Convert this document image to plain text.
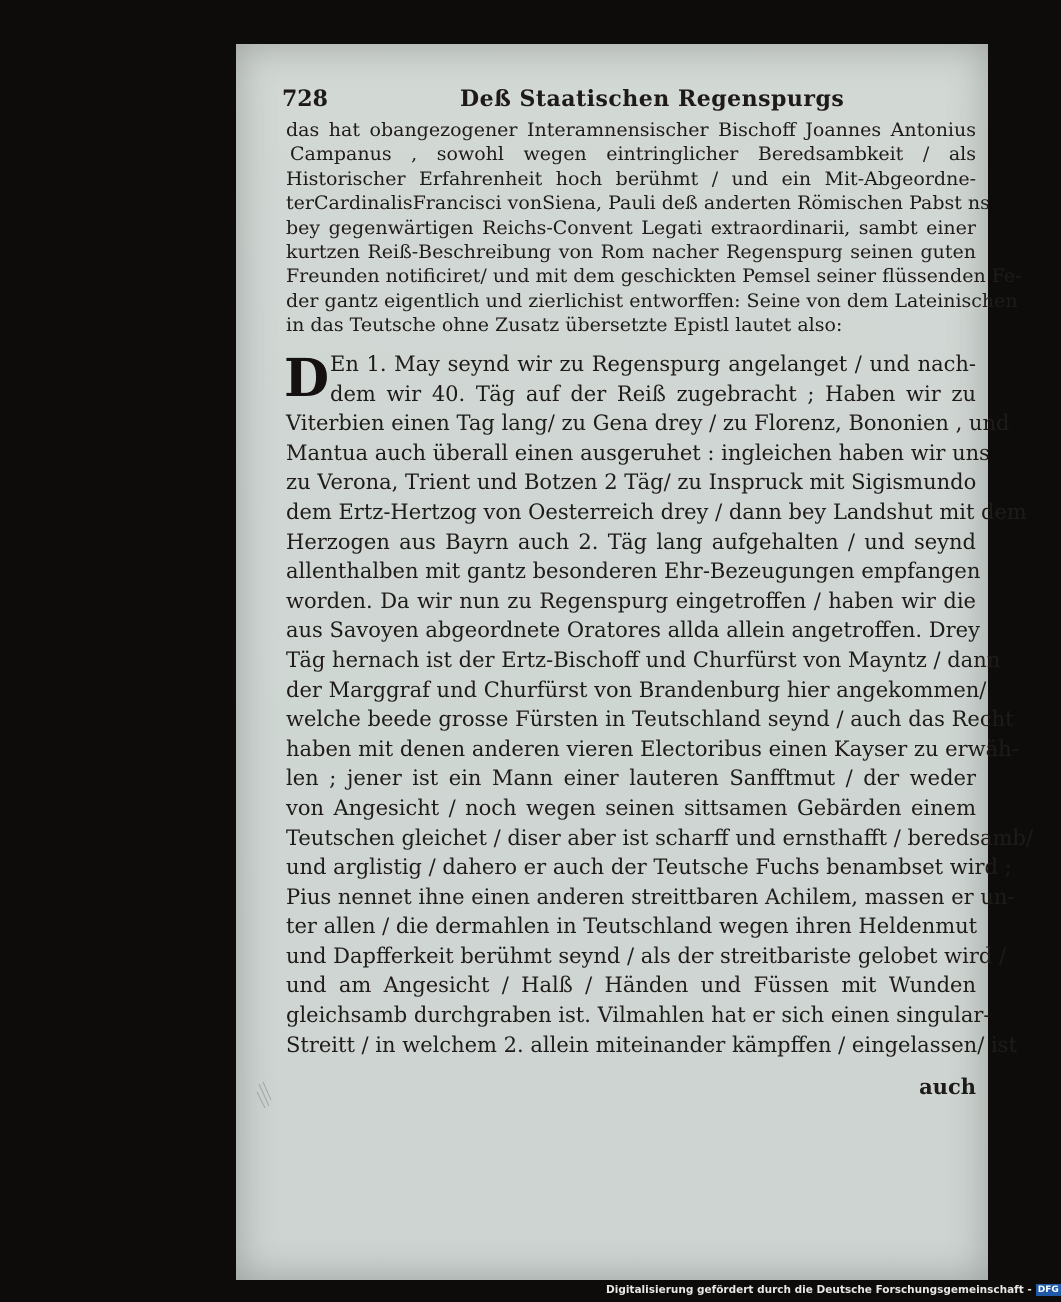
728	Deß Staatischen Regenspurgs
das hat obangezogener Interamnensischer Bischoff Joannes Antonius
Campanus , sowohl wegen eintringlicher Beredsambkeit / als
Historischer Erfahrenheit hoch berühmt / und ein Mit-Abgeordne-
terCardinalisFrancisci vonSiena, Pauli deß anderten Römischen Pabst ns
bey gegenwärtigen Reichs-Convent Legati extraordinarii, sambt einer
kurtzen Reiß-Beschreibung von Rom nacher Regenspurg seinen guten
Freunden notificiret/ und mit dem geschickten Pemsel seiner flüssenden Fe-
der gantz eigentlich und zierlichist entworffen: Seine von dem Lateinischen
in das Teutsche ohne Zusatz übersetzte Epistl lautet also:
D En 1. May seynd wir zu Regenspurg angelanget / und nach-
dem wir 40. Täg auf der Reiß zugebracht ; Haben wir zu
Viterbien einen Tag lang/ zu Gena drey / zu Florenz, Bononien , und
Mantua auch überall einen ausgeruhet : ingleichen haben wir uns
zu Verona, Trient und Botzen 2 Täg/ zu Inspruck mit Sigismundo
dem Ertz-Hertzog von Oesterreich drey / dann bey Landshut mit dem
Herzogen aus Bayrn auch 2. Täg lang aufgehalten / und seynd
allenthalben mit gantz besonderen Ehr-Bezeugungen empfangen
worden. Da wir nun zu Regenspurg eingetroffen / haben wir die
aus Savoyen abgeordnete Oratores allda allein angetroffen. Drey
Täg hernach ist der Ertz-Bischoff und Churfürst von Mayntz / dann
der Marggraf und Churfürst von Brandenburg hier angekommen/
welche beede grosse Fürsten in Teutschland seynd / auch das Recht
haben mit denen anderen vieren Electoribus einen Kayser zu erwäh-
len ; jener ist ein Mann einer lauteren Sanfftmut / der weder
von Angesicht / noch wegen seinen sittsamen Gebärden einem
Teutschen gleichet / diser aber ist scharff und ernsthafft / beredsamb/
und arglistig / dahero er auch der Teutsche Fuchs benambset wird ;
Pius nennet ihne einen anderen streittbaren Achilem, massen er un-
ter allen / die dermahlen in Teutschland wegen ihren Heldenmut
und Dapfferkeit berühmt seynd / als der streitbariste gelobet wird /
und am Angesicht / Halß / Händen und Füssen mit Wunden
gleichsamb durchgraben ist. Vilmahlen hat er sich einen singular-
Streitt / in welchem 2. allein miteinander kämpffen / eingelassen/ ist
auch
Digitalisierung gefördert durch die Deutsche Forschungsgemeinschaft - DFG
